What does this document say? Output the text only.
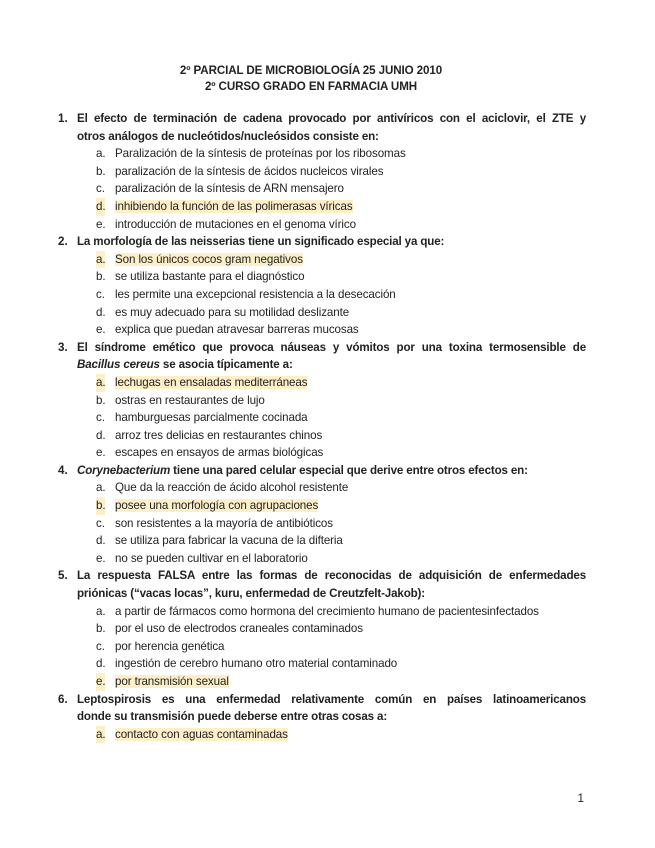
2º PARCIAL DE MICROBIOLOGÍA 25 JUNIO 2010
2º CURSO GRADO EN FARMACIA UMH
1. El efecto de terminación de cadena provocado por antivíricos con el aciclovir, el ZTE y
otros análogos de nucleótidos/nucleósidos consiste en:
a. Paralización de la síntesis de proteínas por los ribosomas
b. paralización de la síntesis de ácidos nucleicos virales
c. paralización de la síntesis de ARN mensajero
d. inhibiendo la función de las polimerasas víricas
e. introducción de mutaciones en el genoma vírico
2. La morfología de las neisserias tiene un significado especial ya que:
a. Son los únicos cocos gram negativos
b. se utiliza bastante para el diagnóstico
c. les permite una excepcional resistencia a la desecación
d. es muy adecuado para su motilidad deslizante
e. explica que puedan atravesar barreras mucosas
3. El síndrome emético que provoca náuseas y vómitos por una toxina termosensible de
Bacillus cereus se asocia típicamente a:
a. lechugas en ensaladas mediterráneas
b. ostras en restaurantes de lujo
c. hamburguesas parcialmente cocinada
d. arroz tres delicias en restaurantes chinos
e. escapes en ensayos de armas biológicas
4. Corynebacterium tiene una pared celular especial que derive entre otros efectos en:
a. Que da la reacción de ácido alcohol resistente
b. posee una morfología con agrupaciones
c. son resistentes a la mayoría de antibióticos
d. se utiliza para fabricar la vacuna de la difteria
e. no se pueden cultivar en el laboratorio
5. La respuesta FALSA entre las formas de reconocidas de adquisición de enfermedades
priónicas (“vacas locas”, kuru, enfermedad de Creutzfelt-Jakob):
a. a partir de fármacos como hormona del crecimiento humano de pacientesinfectados
b. por el uso de electrodos craneales contaminados
c. por herencia genética
d. ingestión de cerebro humano otro material contaminado
e. por transmisión sexual
6. Leptospirosis es una enfermedad relativamente común en países latinoamericanos
donde su transmisión puede deberse entre otras cosas a:
a. contacto con aguas contaminadas
1
